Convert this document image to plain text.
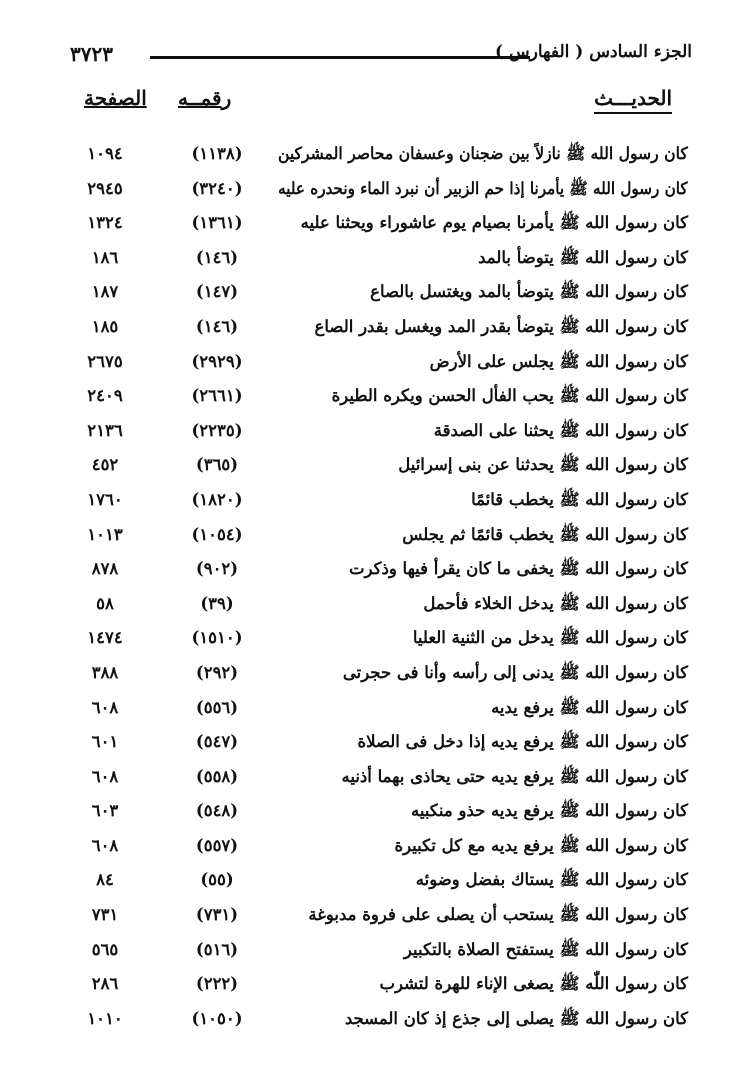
الجزء السادس ( الفهارس )
٣٧٢٣
الحديـــث
رقمــه
الصفحة
كان رسول الله ﷺ نازلاً بين ضجنان وعسفان محاصر المشركين
(١١٣٨)
١٠٩٤
كان رسول الله ﷺ يأمرنا إذا حم الزبير أن نبرد الماء ونحدره عليه
(٣٢٤٠)
٢٩٤٥
كان رسول الله ﷺ يأمرنا بصيام يوم عاشوراء ويحثنا عليه
(١٣٦١)
١٣٢٤
كان رسول الله ﷺ يتوضأ بالمد
(١٤٦)
١٨٦
كان رسول الله ﷺ يتوضأ بالمد ويغتسل بالصاع
(١٤٧)
١٨٧
كان رسول الله ﷺ يتوضأ بقدر المد ويغسل بقدر الصاع
(١٤٦)
١٨٥
كان رسول الله ﷺ يجلس على الأرض
(٢٩٢٩)
٢٦٧٥
كان رسول الله ﷺ يحب الفأل الحسن ويكره الطيرة
(٢٦٦١)
٢٤٠٩
كان رسول الله ﷺ يحثنا على الصدقة
(٢٢٣٥)
٢١٣٦
كان رسول الله ﷺ يحدثنا عن بنى إسرائيل
(٣٦٥)
٤٥٢
كان رسول الله ﷺ يخطب قائمًا
(١٨٢٠)
١٧٦٠
كان رسول الله ﷺ يخطب قائمًا ثم يجلس
(١٠٥٤)
١٠١٣
كان رسول الله ﷺ يخفى ما كان يقرأ فيها وذكرت
(٩٠٢)
٨٧٨
كان رسول الله ﷺ يدخل الخلاء فأحمل
(٣٩)
٥٨
كان رسول الله ﷺ يدخل من الثنية العليا
(١٥١٠)
١٤٧٤
كان رسول الله ﷺ يدنى إلى رأسه وأنا فى حجرتى
(٢٩٢)
٣٨٨
كان رسول الله ﷺ يرفع يديه
(٥٥٦)
٦٠٨
كان رسول الله ﷺ يرفع يديه إذا دخل فى الصلاة
(٥٤٧)
٦٠١
كان رسول الله ﷺ يرفع يديه حتى يحاذى بهما أذنيه
(٥٥٨)
٦٠٨
كان رسول الله ﷺ يرفع يديه حذو منكبيه
(٥٤٨)
٦٠٣
كان رسول الله ﷺ يرفع يديه مع كل تكبيرة
(٥٥٧)
٦٠٨
كان رسول الله ﷺ يستاك بفضل وضوئه
(٥٥)
٨٤
كان رسول الله ﷺ يستحب أن يصلى على فروة مدبوغة
(٧٣١)
٧٣١
كان رسول الله ﷺ يستفتح الصلاة بالتكبير
(٥١٦)
٥٦٥
كان رسول اللّٰه ﷺ يصغى الإناء للهرة لتشرب
(٢٢٢)
٢٨٦
كان رسول الله ﷺ يصلى إلى جذع إذ كان المسجد
(١٠٥٠)
١٠١٠
